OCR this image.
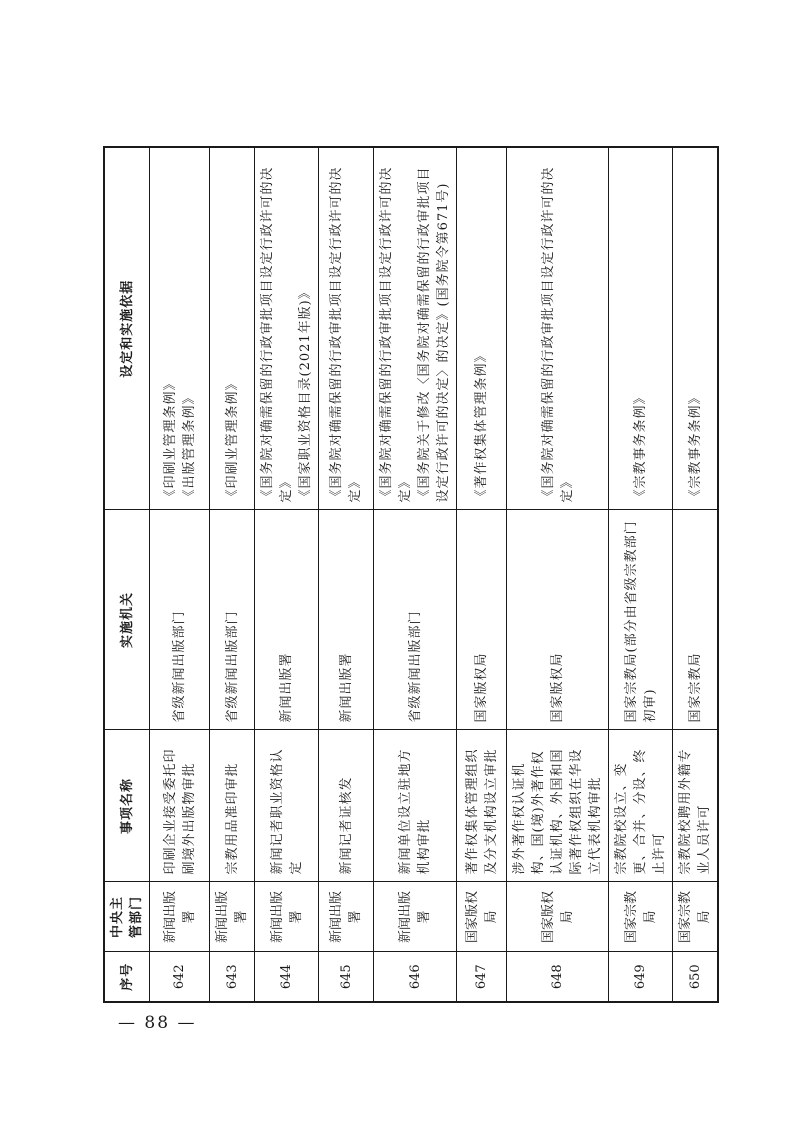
序号	中央主管部门	事项名称	实施机关	设定和实施依据
642	新闻出版署	印刷企业接受委托印刷境外出版物审批	省级新闻出版部门	《印刷业管理条例》 《出版管理条例》

643	新闻出版署	宗教用品准印审批	省级新闻出版部门	《印刷业管理条例》

644	新闻出版署	新闻记者职业资格认定	新闻出版署	《国务院对确需保留的行政审批项目设定行政许可的决定》 《国家职业资格目录(2021年版)》

645	新闻出版署	新闻记者证核发	新闻出版署	《国务院对确需保留的行政审批项目设定行政许可的决定》

646	新闻出版署	新闻单位设立驻地方机构审批	省级新闻出版部门	《国务院对确需保留的行政审批项目设定行政许可的决定》 《国务院关于修改〈国务院对确需保留的行政审批项目设定行政许可的决定〉的决定》(国务院令第671号)

647	国家版权局	著作权集体管理组织及分支机构设立审批	国家版权局	《著作权集体管理条例》

648	国家版权局	涉外著作权认证机构、国(境)外著作权认证机构、外国和国际著作权组织在华设立代表机构审批	国家版权局	《国务院对确需保留的行政审批项目设定行政许可的决定》

649	国家宗教局	宗教院校设立、变更、合并、分设、终止许可	国家宗教局(部分由省级宗教部门初审)	《宗教事务条例》

650	国家宗教局	宗教院校聘用外籍专业人员许可	国家宗教局	《宗教事务条例》
— 88 —
